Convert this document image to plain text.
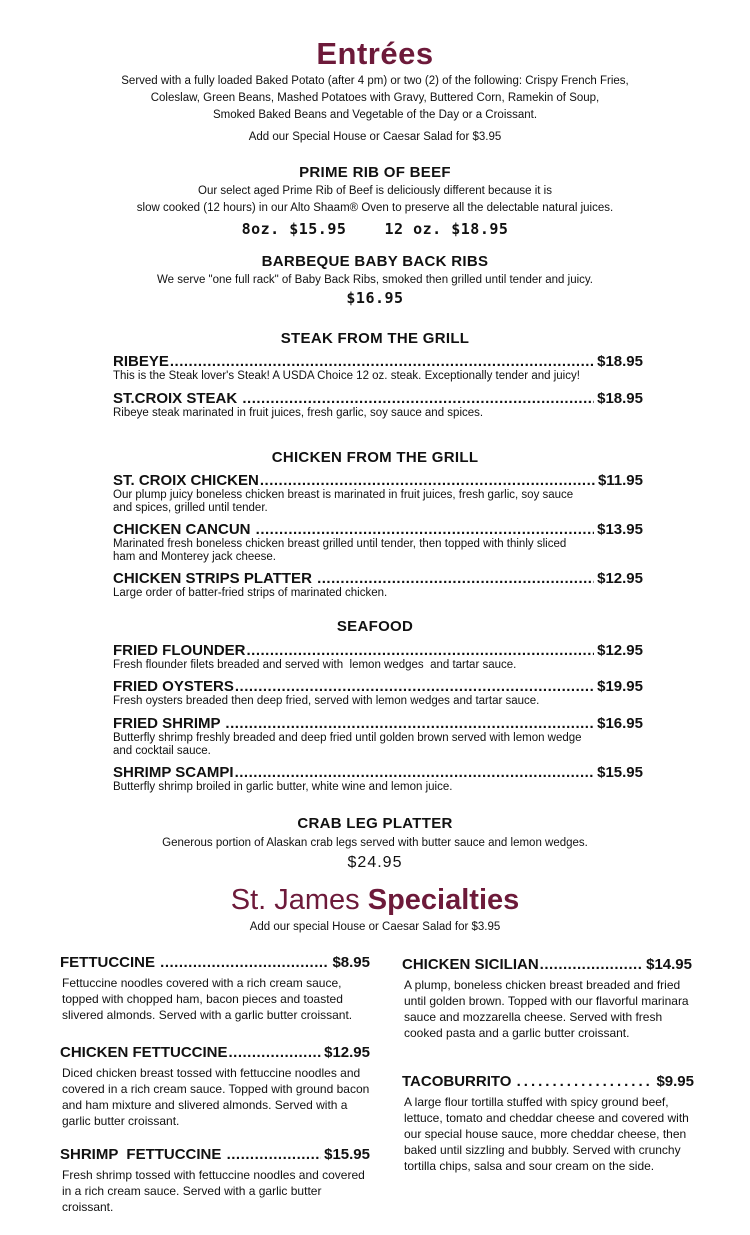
Entrées
Served with a fully loaded Baked Potato (after 4 pm) or two (2) of the following: Crispy French Fries,
Coleslaw, Green Beans, Mashed Potatoes with Gravy, Buttered Corn, Ramekin of Soup,
Smoked Baked Beans and Vegetable of the Day or a Croissant.
Add our Special House or Caesar Salad for $3.95
PRIME RIB OF BEEF
Our select aged Prime Rib of Beef is deliciously different because it is
slow cooked (12 hours) in our Alto Shaam® Oven to preserve all the delectable natural juices.
8oz. $15.95    12 oz. $18.95
BARBEQUE BABY BACK RIBS
We serve "one full rack" of Baby Back Ribs, smoked then grilled until tender and juicy.
$16.95
STEAK FROM THE GRILL
RIBEYE .....	$18.95
This is the Steak lover's Steak! A USDA Choice 12 oz. steak. Exceptionally tender and juicy!
ST.CROIX STEAK .....	$18.95
Ribeye steak marinated in fruit juices, fresh garlic, soy sauce and spices.
CHICKEN FROM THE GRILL
ST. CROIX CHICKEN .....	$11.95
Our plump juicy boneless chicken breast is marinated in fruit juices, fresh garlic, soy sauce and spices, grilled until tender.
CHICKEN CANCUN .....	$13.95
Marinated fresh boneless chicken breast grilled until tender, then topped with thinly sliced ham and Monterey jack cheese.
CHICKEN STRIPS PLATTER .....	$12.95
Large order of batter-fried strips of marinated chicken.
SEAFOOD
FRIED FLOUNDER .....	$12.95
Fresh flounder filets breaded and served with  lemon wedges  and tartar sauce.
FRIED OYSTERS .....	$19.95
Fresh oysters breaded then deep fried, served with lemon wedges and tartar sauce.
FRIED SHRIMP .....	$16.95
Butterfly shrimp freshly breaded and deep fried until golden brown served with lemon wedge and cocktail sauce.
SHRIMP SCAMPI .....	$15.95
Butterfly shrimp broiled in garlic butter, white wine and lemon juice.
CRAB LEG PLATTER
Generous portion of Alaskan crab legs served with butter sauce and lemon wedges.
$24.95
St. James Specialties
Add our special House or Caesar Salad for $3.95
FETTUCCINE .....	$8.95
Fettuccine noodles covered with a rich cream sauce, topped with chopped ham, bacon pieces and toasted slivered almonds. Served with a garlic butter croissant.
CHICKEN FETTUCCINE .....	$12.95
Diced chicken breast tossed with fettuccine noodles and covered in a rich cream sauce. Topped with ground bacon and ham mixture and slivered almonds. Served with a garlic butter croissant.
SHRIMP  FETTUCCINE .....	$15.95
Fresh shrimp tossed with fettuccine noodles and covered in a rich cream sauce. Served with a garlic butter croissant.
CHICKEN SICILIAN .....	$14.95
A plump, boneless chicken breast breaded and fried until golden brown. Topped with our flavorful marinara sauce and mozzarella cheese. Served with fresh cooked pasta and a garlic butter croissant.
TACOBURRITO .....	$9.95
A large flour tortilla stuffed with spicy ground beef, lettuce, tomato and cheddar cheese and covered with our special house sauce, more cheddar cheese, then baked until sizzling and bubbly. Served with crunchy tortilla chips, salsa and sour cream on the side.
